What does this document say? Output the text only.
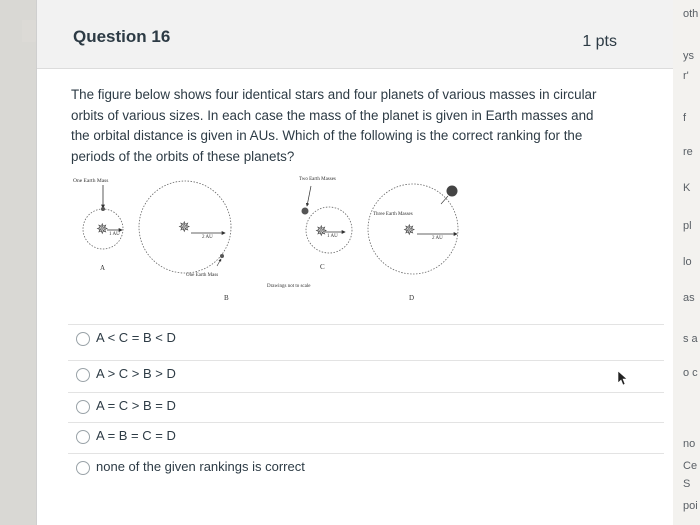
Question 16	1 pts
The figure below shows four identical stars and four planets of various masses in circular orbits of various sizes. In each case the mass of the planet is given in Earth masses and the orbital distance is given in AUs. Which of the following is the correct ranking for the periods of the orbits of these planets?
One Earth Mass
✵ 1 AU
A
✵
2 AU
One Earth Mass
B
Two Earth Masses
✵ 1 AU
C
Drawings not to scale
Three Earth Masses
✵	2 AU
D
A < C = B < D
A > C > B > D
A = C > B = D
A = B = C = D
none of the given rankings is correct
oth
ys
r'
f
re
K
pl
lo
as
s a
o c
no
Ce
S
poi
